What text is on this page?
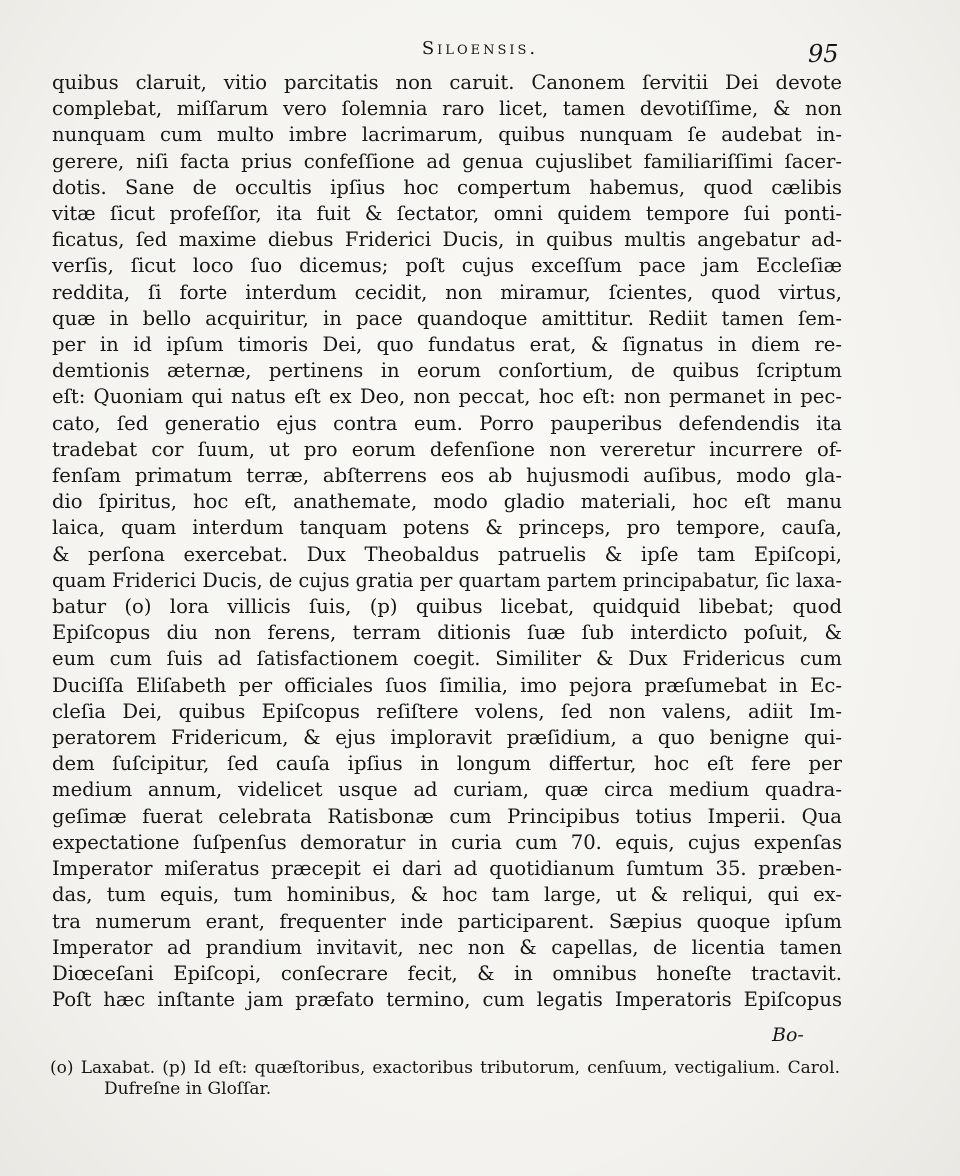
Siloensis.	95
quibus claruit, vitio parcitatis non caruit. Canonem ſervitii Dei devote
complebat, miſſarum vero ſolemnia raro licet, tamen devotiſſime, & non
nunquam cum multo imbre lacrimarum, quibus nunquam ſe audebat in-
gerere, niſi facta prius confeſſione ad genua cujuslibet familiariſſimi ſacer-
dotis. Sane de occultis ipſius hoc compertum habemus, quod cælibis
vitæ ſicut profeſſor, ita fuit & ſectator, omni quidem tempore ſui ponti-
ficatus, ſed maxime diebus Friderici Ducis, in quibus multis angebatur ad-
verſis, ſicut loco ſuo dicemus; poſt cujus exceſſum pace jam Eccleſiæ
reddita, ſi forte interdum cecidit, non miramur, ſcientes, quod virtus,
quæ in bello acquiritur, in pace quandoque amittitur. Rediit tamen ſem-
per in id ipſum timoris Dei, quo fundatus erat, & ſignatus in diem re-
demtionis æternæ, pertinens in eorum conſortium, de quibus ſcriptum
eſt: Quoniam qui natus eſt ex Deo, non peccat, hoc eſt: non permanet in pec-
cato, ſed generatio ejus contra eum. Porro pauperibus defendendis ita
tradebat cor ſuum, ut pro eorum defenſione non vereretur incurrere of-
fenſam primatum terræ, abſterrens eos ab hujusmodi auſibus, modo gla-
dio ſpiritus, hoc eſt, anathemate, modo gladio materiali, hoc eſt manu
laica, quam interdum tanquam potens & princeps, pro tempore, cauſa,
& perſona exercebat. Dux Theobaldus patruelis & ipſe tam Epiſcopi,
quam Friderici Ducis, de cujus gratia per quartam partem principabatur, ſic laxa-
batur (o) lora villicis ſuis, (p) quibus licebat, quidquid libebat; quod
Epiſcopus diu non ferens, terram ditionis ſuæ ſub interdicto poſuit, &
eum cum ſuis ad ſatisfactionem coegit. Similiter & Dux Fridericus cum
Duciſſa Eliſabeth per officiales ſuos ſimilia, imo pejora præſumebat in Ec-
cleſia Dei, quibus Epiſcopus reſiſtere volens, ſed non valens, adiit Im-
peratorem Fridericum, & ejus imploravit præſidium, a quo benigne qui-
dem ſuſcipitur, ſed cauſa ipſius in longum differtur, hoc eſt fere per
medium annum, videlicet usque ad curiam, quæ circa medium quadra-
geſimæ fuerat celebrata Ratisbonæ cum Principibus totius Imperii. Qua
expectatione ſuſpenſus demoratur in curia cum 70. equis, cujus expenſas
Imperator miſeratus præcepit ei dari ad quotidianum ſumtum 35. præben-
das, tum equis, tum hominibus, & hoc tam large, ut & reliqui, qui ex-
tra numerum erant, frequenter inde participarent. Sæpius quoque ipſum
Imperator ad prandium invitavit, nec non & capellas, de licentia tamen
Diœceſani Epiſcopi, conſecrare fecit, & in omnibus honeſte tractavit.
Poſt hæc inſtante jam præfato termino, cum legatis Imperatoris Epiſcopus
Bo-
(o) Laxabat. (p) Id eſt: quæſtoribus, exactoribus tributorum, cenſuum, vectigalium. Carol.
Dufreſne in Gloſſar.
